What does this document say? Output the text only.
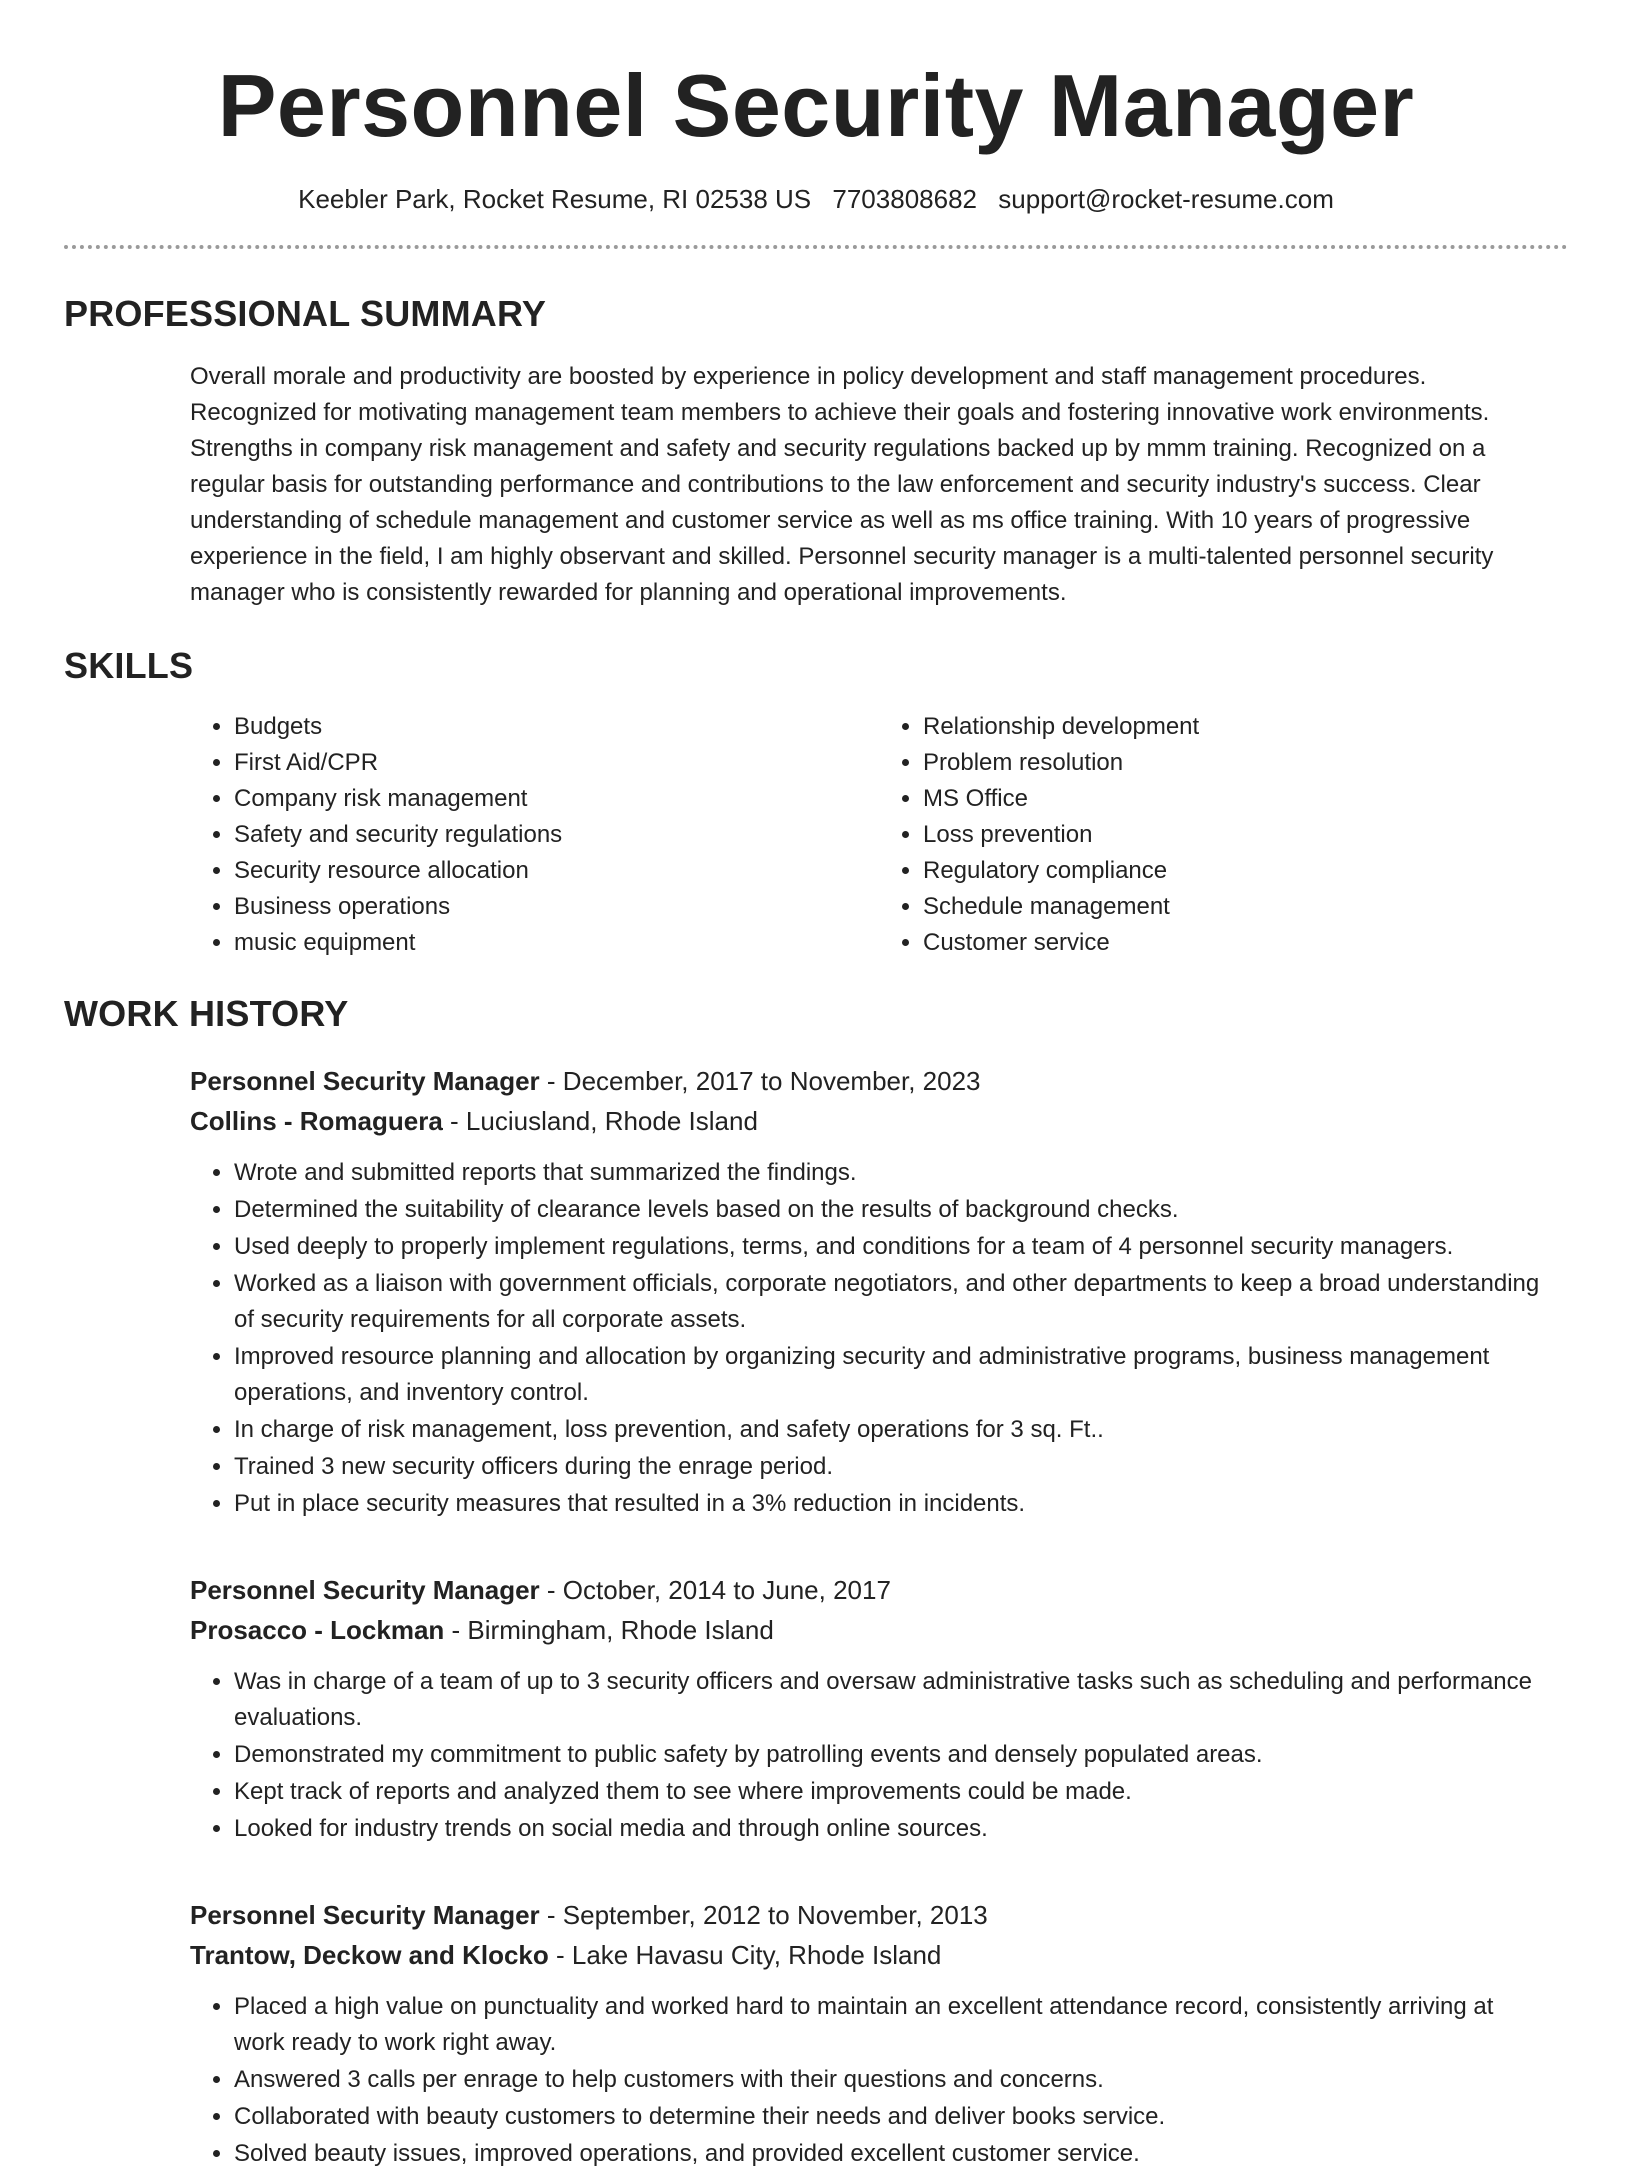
Personnel Security Manager
Keebler Park, Rocket Resume, RI 02538 US 7703808682 support@rocket-resume.com
PROFESSIONAL SUMMARY

Overall morale and productivity are boosted by experience in policy development and staff management procedures. Recognized for motivating management team members to achieve their goals and fostering innovative work environments. Strengths in company risk management and safety and security regulations backed up by mmm training. Recognized on a regular basis for outstanding performance and contributions to the law enforcement and security industry's success. Clear understanding of schedule management and customer service as well as ms office training. With 10 years of progressive experience in the field, I am highly observant and skilled. Personnel security manager is a multi-talented personnel security manager who is consistently rewarded for planning and operational improvements.

SKILLS
• Budgets
• First Aid/CPR
• Company risk management
• Safety and security regulations
• Security resource allocation
• Business operations
• music equipment
• Relationship development
• Problem resolution
• MS Office
• Loss prevention
• Regulatory compliance
• Schedule management
• Customer service
WORK HISTORY
Personnel Security Manager - December, 2017 to November, 2023
Collins - Romaguera - Luciusland, Rhode Island
• Wrote and submitted reports that summarized the findings.
• Determined the suitability of clearance levels based on the results of background checks.
• Used deeply to properly implement regulations, terms, and conditions for a team of 4 personnel security managers.
• Worked as a liaison with government officials, corporate negotiators, and other departments to keep a broad understanding of security requirements for all corporate assets.
• Improved resource planning and allocation by organizing security and administrative programs, business management operations, and inventory control.
• In charge of risk management, loss prevention, and safety operations for 3 sq. Ft..
• Trained 3 new security officers during the enrage period.
• Put in place security measures that resulted in a 3% reduction in incidents.
Personnel Security Manager - October, 2014 to June, 2017
Prosacco - Lockman - Birmingham, Rhode Island
• Was in charge of a team of up to 3 security officers and oversaw administrative tasks such as scheduling and performance evaluations.
• Demonstrated my commitment to public safety by patrolling events and densely populated areas.
• Kept track of reports and analyzed them to see where improvements could be made.
• Looked for industry trends on social media and through online sources.
Personnel Security Manager - September, 2012 to November, 2013
Trantow, Deckow and Klocko - Lake Havasu City, Rhode Island
• Placed a high value on punctuality and worked hard to maintain an excellent attendance record, consistently arriving at work ready to work right away.
• Answered 3 calls per enrage to help customers with their questions and concerns.
• Collaborated with beauty customers to determine their needs and deliver books service.
• Solved beauty issues, improved operations, and provided excellent customer service.
